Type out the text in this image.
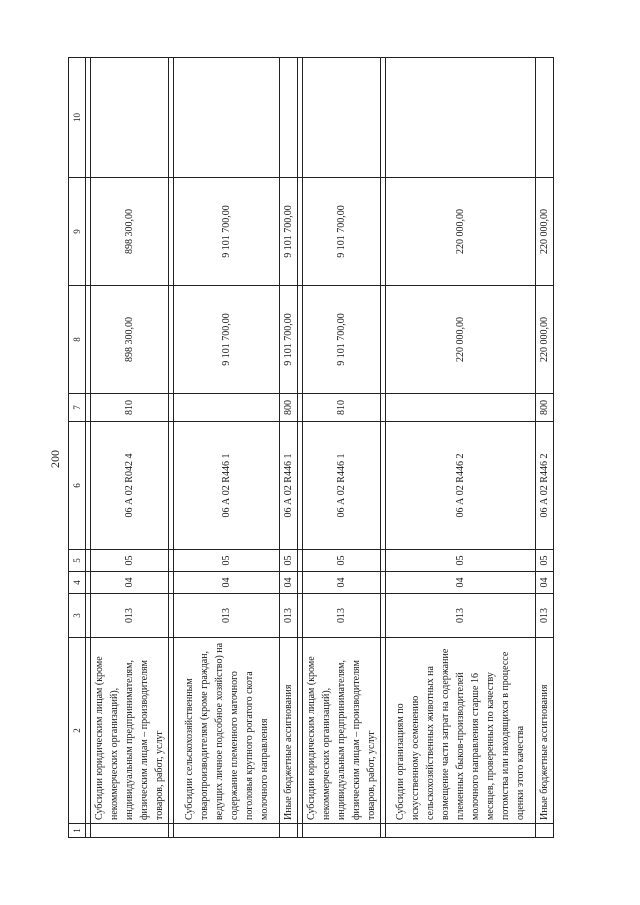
200
1	2	3	4	5	6	7	8	9	10

	Субсидии юридическим лицам (кроме некоммерческих организаций), индивидуальным предпринимателям, физическим лицам – производителям товаров, работ, услуг	013	04	05	06 А 02 R042 4	810	898 300,00	898 300,00	

	Субсидии сельскохозяйственным товаропроизводителям (кроме граждан, ведущих личное подсобное хозяйство) на содержание племенного маточного поголовья крупного рогатого скота молочного направления	013	04	05	06 А 02 R446 1		9 101 700,00	9 101 700,00	
	Иные бюджетные ассигнования	013	04	05	06 А 02 R446 1	800	9 101 700,00	9 101 700,00	

	Субсидии юридическим лицам (кроме некоммерческих организаций), индивидуальным предпринимателям, физическим лицам – производителям товаров, работ, услуг	013	04	05	06 А 02 R446 1	810	9 101 700,00	9 101 700,00	

	Субсидии организациям по искусственному осеменению сельскохозяйственных животных на возмещение части затрат на содержание племенных быков-производителей молочного направления старше 16 месяцев, проверенных по качеству потомства или находящихся в процессе оценки этого качества	013	04	05	06 А 02 R446 2		220 000,00	220 000,00	
	Иные бюджетные ассигнования	013	04	05	06 А 02 R446 2	800	220 000,00	220 000,00	
